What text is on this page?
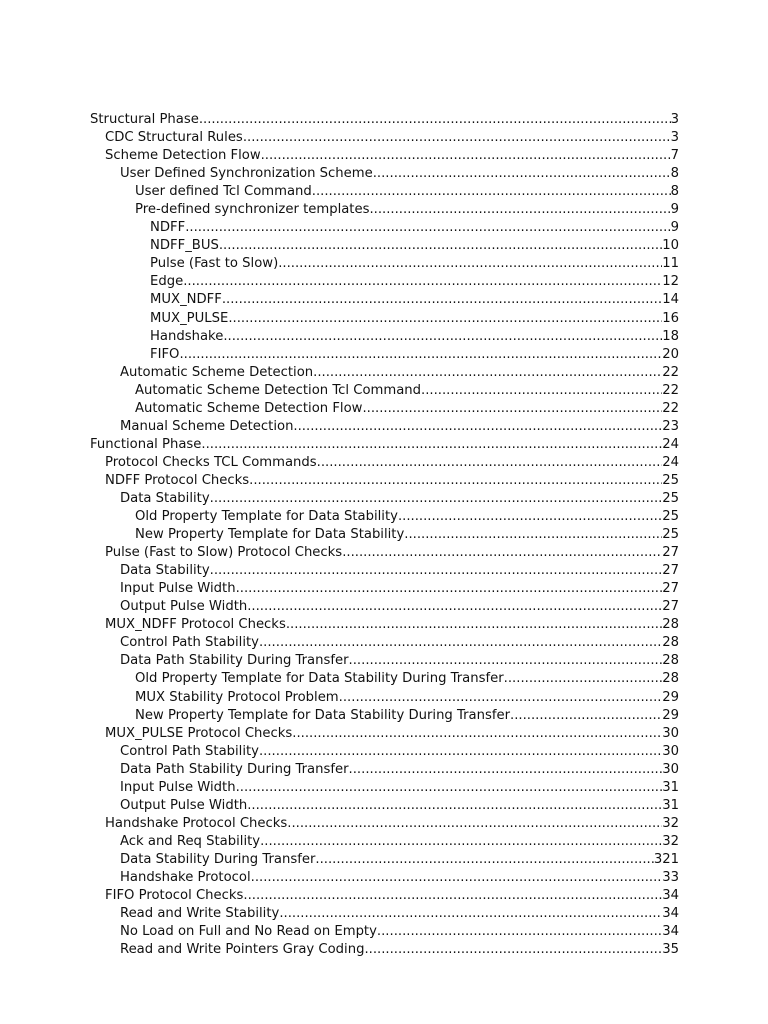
Structural Phase .....	3
CDC Structural Rules .....	3
Scheme Detection Flow .....	7
User Defined Synchronization Scheme .....	8
User defined Tcl Command .....	8
Pre-defined synchronizer templates .....	9
NDFF .....	9
NDFF_BUS .....	10
Pulse (Fast to Slow) .....	11
Edge .....	12
MUX_NDFF .....	14
MUX_PULSE .....	16
Handshake .....	18
FIFO .....	20
Automatic Scheme Detection .....	22
Automatic Scheme Detection Tcl Command .....	22
Automatic Scheme Detection Flow .....	22
Manual Scheme Detection .....	23
Functional Phase .....	24
Protocol Checks TCL Commands .....	24
NDFF Protocol Checks .....	25
Data Stability .....	25
Old Property Template for Data Stability .....	25
New Property Template for Data Stability .....	25
Pulse (Fast to Slow) Protocol Checks .....	27
Data Stability .....	27
Input Pulse Width .....	27
Output Pulse Width .....	27
MUX_NDFF Protocol Checks .....	28
Control Path Stability .....	28
Data Path Stability During Transfer .....	28
Old Property Template for Data Stability During Transfer .....	28
MUX Stability Protocol Problem .....	29
New Property Template for Data Stability During Transfer .....	29
MUX_PULSE Protocol Checks .....	30
Control Path Stability .....	30
Data Path Stability During Transfer .....	30
Input Pulse Width .....	31
Output Pulse Width .....	31
Handshake Protocol Checks .....	32
Ack and Req Stability .....	32
Data Stability During Transfer .....	321
Handshake Protocol .....	33
FIFO Protocol Checks .....	34
Read and Write Stability .....	34
No Load on Full and No Read on Empty .....	34
Read and Write Pointers Gray Coding .....	35
